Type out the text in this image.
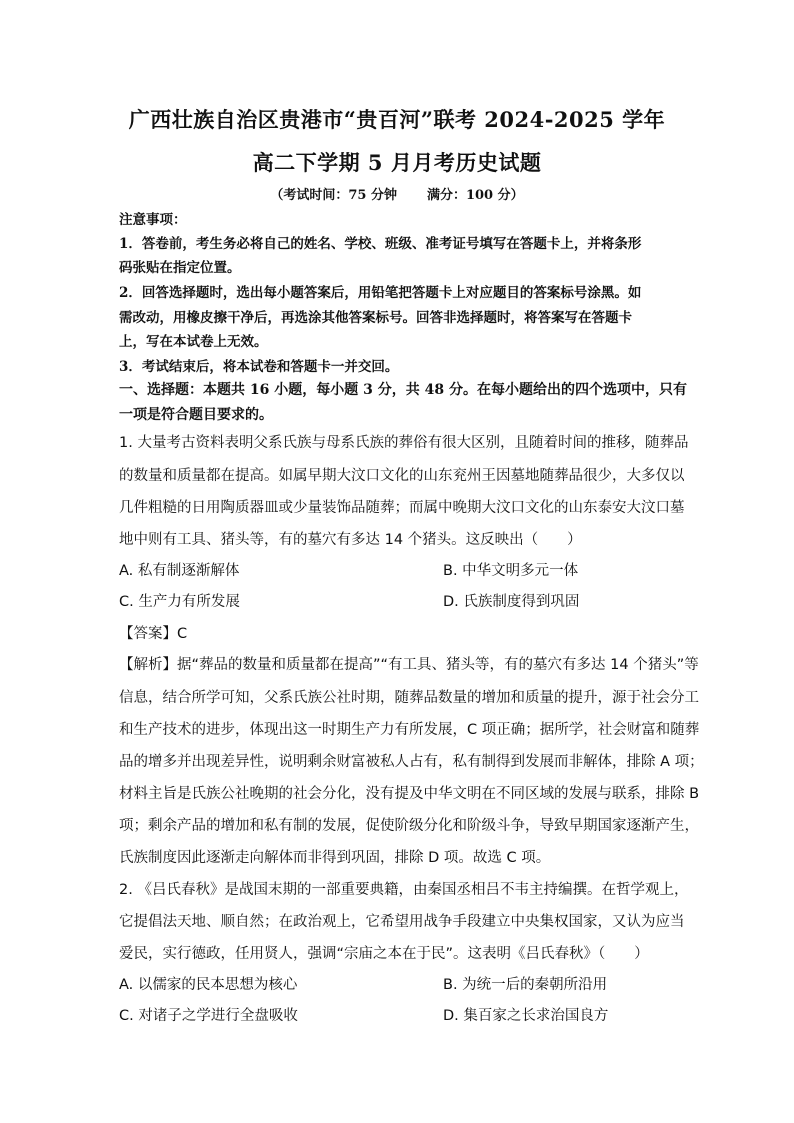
广西壮族自治区贵港市“贵百河”联考 2024-2025 学年
高二下学期 5 月月考历史试题
（考试时间：75 分钟 满分：100 分）
注意事项：
1．答卷前，考生务必将自己的姓名、学校、班级、准考证号填写在答题卡上，并将条形
码张贴在指定位置。
2．回答选择题时，选出每小题答案后，用铅笔把答题卡上对应题目的答案标号涂黑。如
需改动，用橡皮擦干净后，再选涂其他答案标号。回答非选择题时，将答案写在答题卡
上，写在本试卷上无效。
3．考试结束后，将本试卷和答题卡一并交回。
一、选择题：本题共 16 小题，每小题 3 分，共 48 分。在每小题给出的四个选项中，只有
一项是符合题目要求的。
1. 大量考古资料表明父系氏族与母系氏族的葬俗有很大区别，且随着时间的推移，随葬品
的数量和质量都在提高。如属早期大汶口文化的山东兖州王因墓地随葬品很少，大多仅以
几件粗糙的日用陶质器皿或少量装饰品随葬；而属中晚期大汶口文化的山东泰安大汶口墓
地中则有工具、猪头等，有的墓穴有多达 14 个猪头。这反映出（　　）
A. 私有制逐渐解体	B. 中华文明多元一体
C. 生产力有所发展	D. 氏族制度得到巩固
【答案】C
【解析】据“葬品的数量和质量都在提高”“有工具、猪头等，有的墓穴有多达 14 个猪头”等
信息，结合所学可知，父系氏族公社时期，随葬品数量的增加和质量的提升，源于社会分工
和生产技术的进步，体现出这一时期生产力有所发展，C 项正确；据所学，社会财富和随葬
品的增多并出现差异性，说明剩余财富被私人占有，私有制得到发展而非解体，排除 A 项；
材料主旨是氏族公社晚期的社会分化，没有提及中华文明在不同区域的发展与联系，排除 B
项；剩余产品的增加和私有制的发展，促使阶级分化和阶级斗争，导致早期国家逐渐产生，
氏族制度因此逐渐走向解体而非得到巩固，排除 D 项。故选 C 项。
2. 《吕氏春秋》是战国末期的一部重要典籍，由秦国丞相吕不韦主持编撰。在哲学观上，
它提倡法天地、顺自然；在政治观上，它希望用战争手段建立中央集权国家，又认为应当
爱民，实行德政，任用贤人，强调“宗庙之本在于民”。这表明《吕氏春秋》（　　）
A. 以儒家的民本思想为核心	B. 为统一后的秦朝所沿用
C. 对诸子之学进行全盘吸收	D. 集百家之长求治国良方
